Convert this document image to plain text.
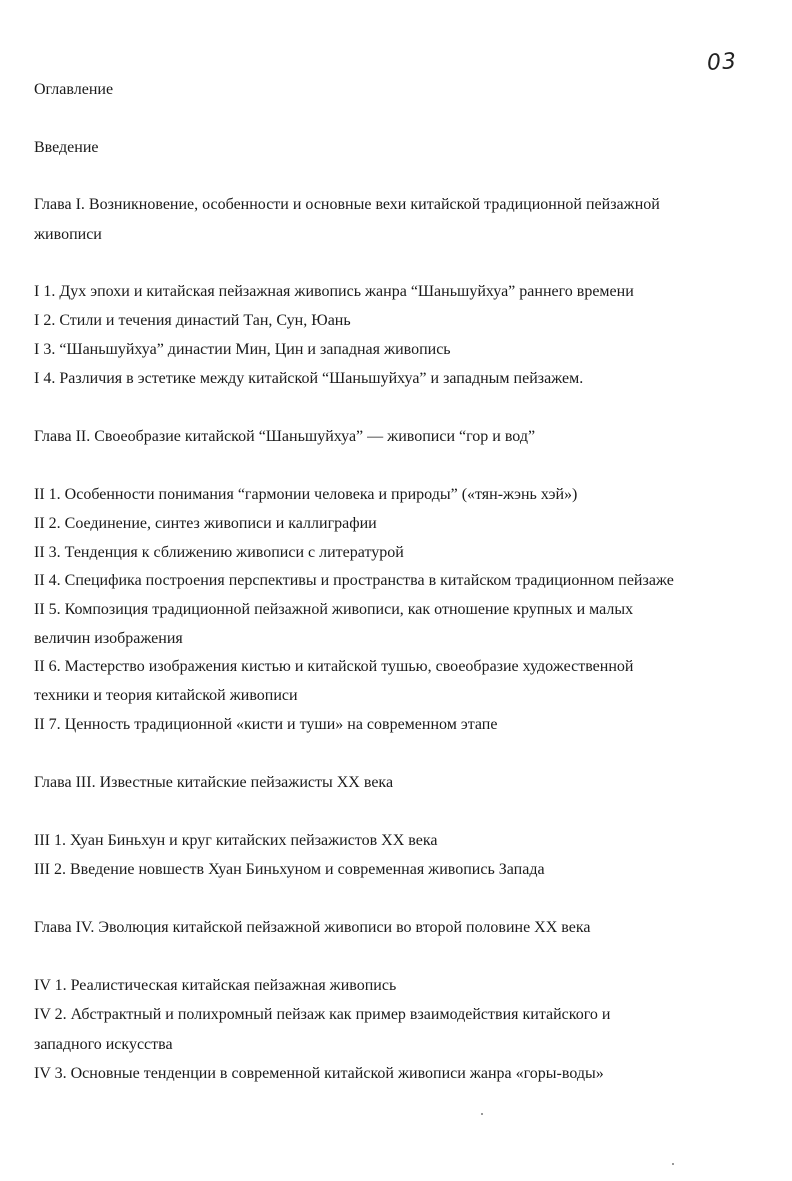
03

Оглавление

Введение

Глава I. Возникновение, особенности и основные вехи китайской традиционной пейзажной

живописи

I 1. Дух эпохи и китайская пейзажная живопись жанра “Шаньшуйхуа” раннего времени

I 2. Стили и течения династий Тан, Сун, Юань

I 3. “Шаньшуйхуа” династии Мин, Цин и западная живопись

I 4. Различия в эстетике между китайской “Шаньшуйхуа” и западным пейзажем.

Глава II. Своеобразие китайской “Шаньшуйхуа” — живописи “гор и вод”

II 1. Особенности понимания “гармонии человека и природы” («тян-жэнь хэй»)

II 2. Соединение, синтез живописи и каллиграфии

II 3. Тенденция к сближению живописи с литературой

II 4. Специфика построения перспективы и пространства в китайском традиционном пейзаже

II 5. Композиция традиционной пейзажной живописи, как отношение крупных и малых

величин изображения

II 6. Мастерство изображения кистью и китайской тушью, своеобразие художественной

техники и теория китайской живописи

II 7. Ценность традиционной «кисти и туши» на современном этапе

Глава III. Известные китайские пейзажисты XX века

III 1. Хуан Биньхун и круг китайских пейзажистов XX века

III 2. Введение новшеств Хуан Биньхуном и современная живопись Запада

Глава IV. Эволюция китайской пейзажной живописи во второй половине XX века

IV 1. Реалистическая китайская пейзажная живопись

IV 2. Абстрактный и полихромный пейзаж как пример взаимодействия китайского и

западного искусства

IV 3. Основные тенденции в современной китайской живописи жанра «горы-воды»
